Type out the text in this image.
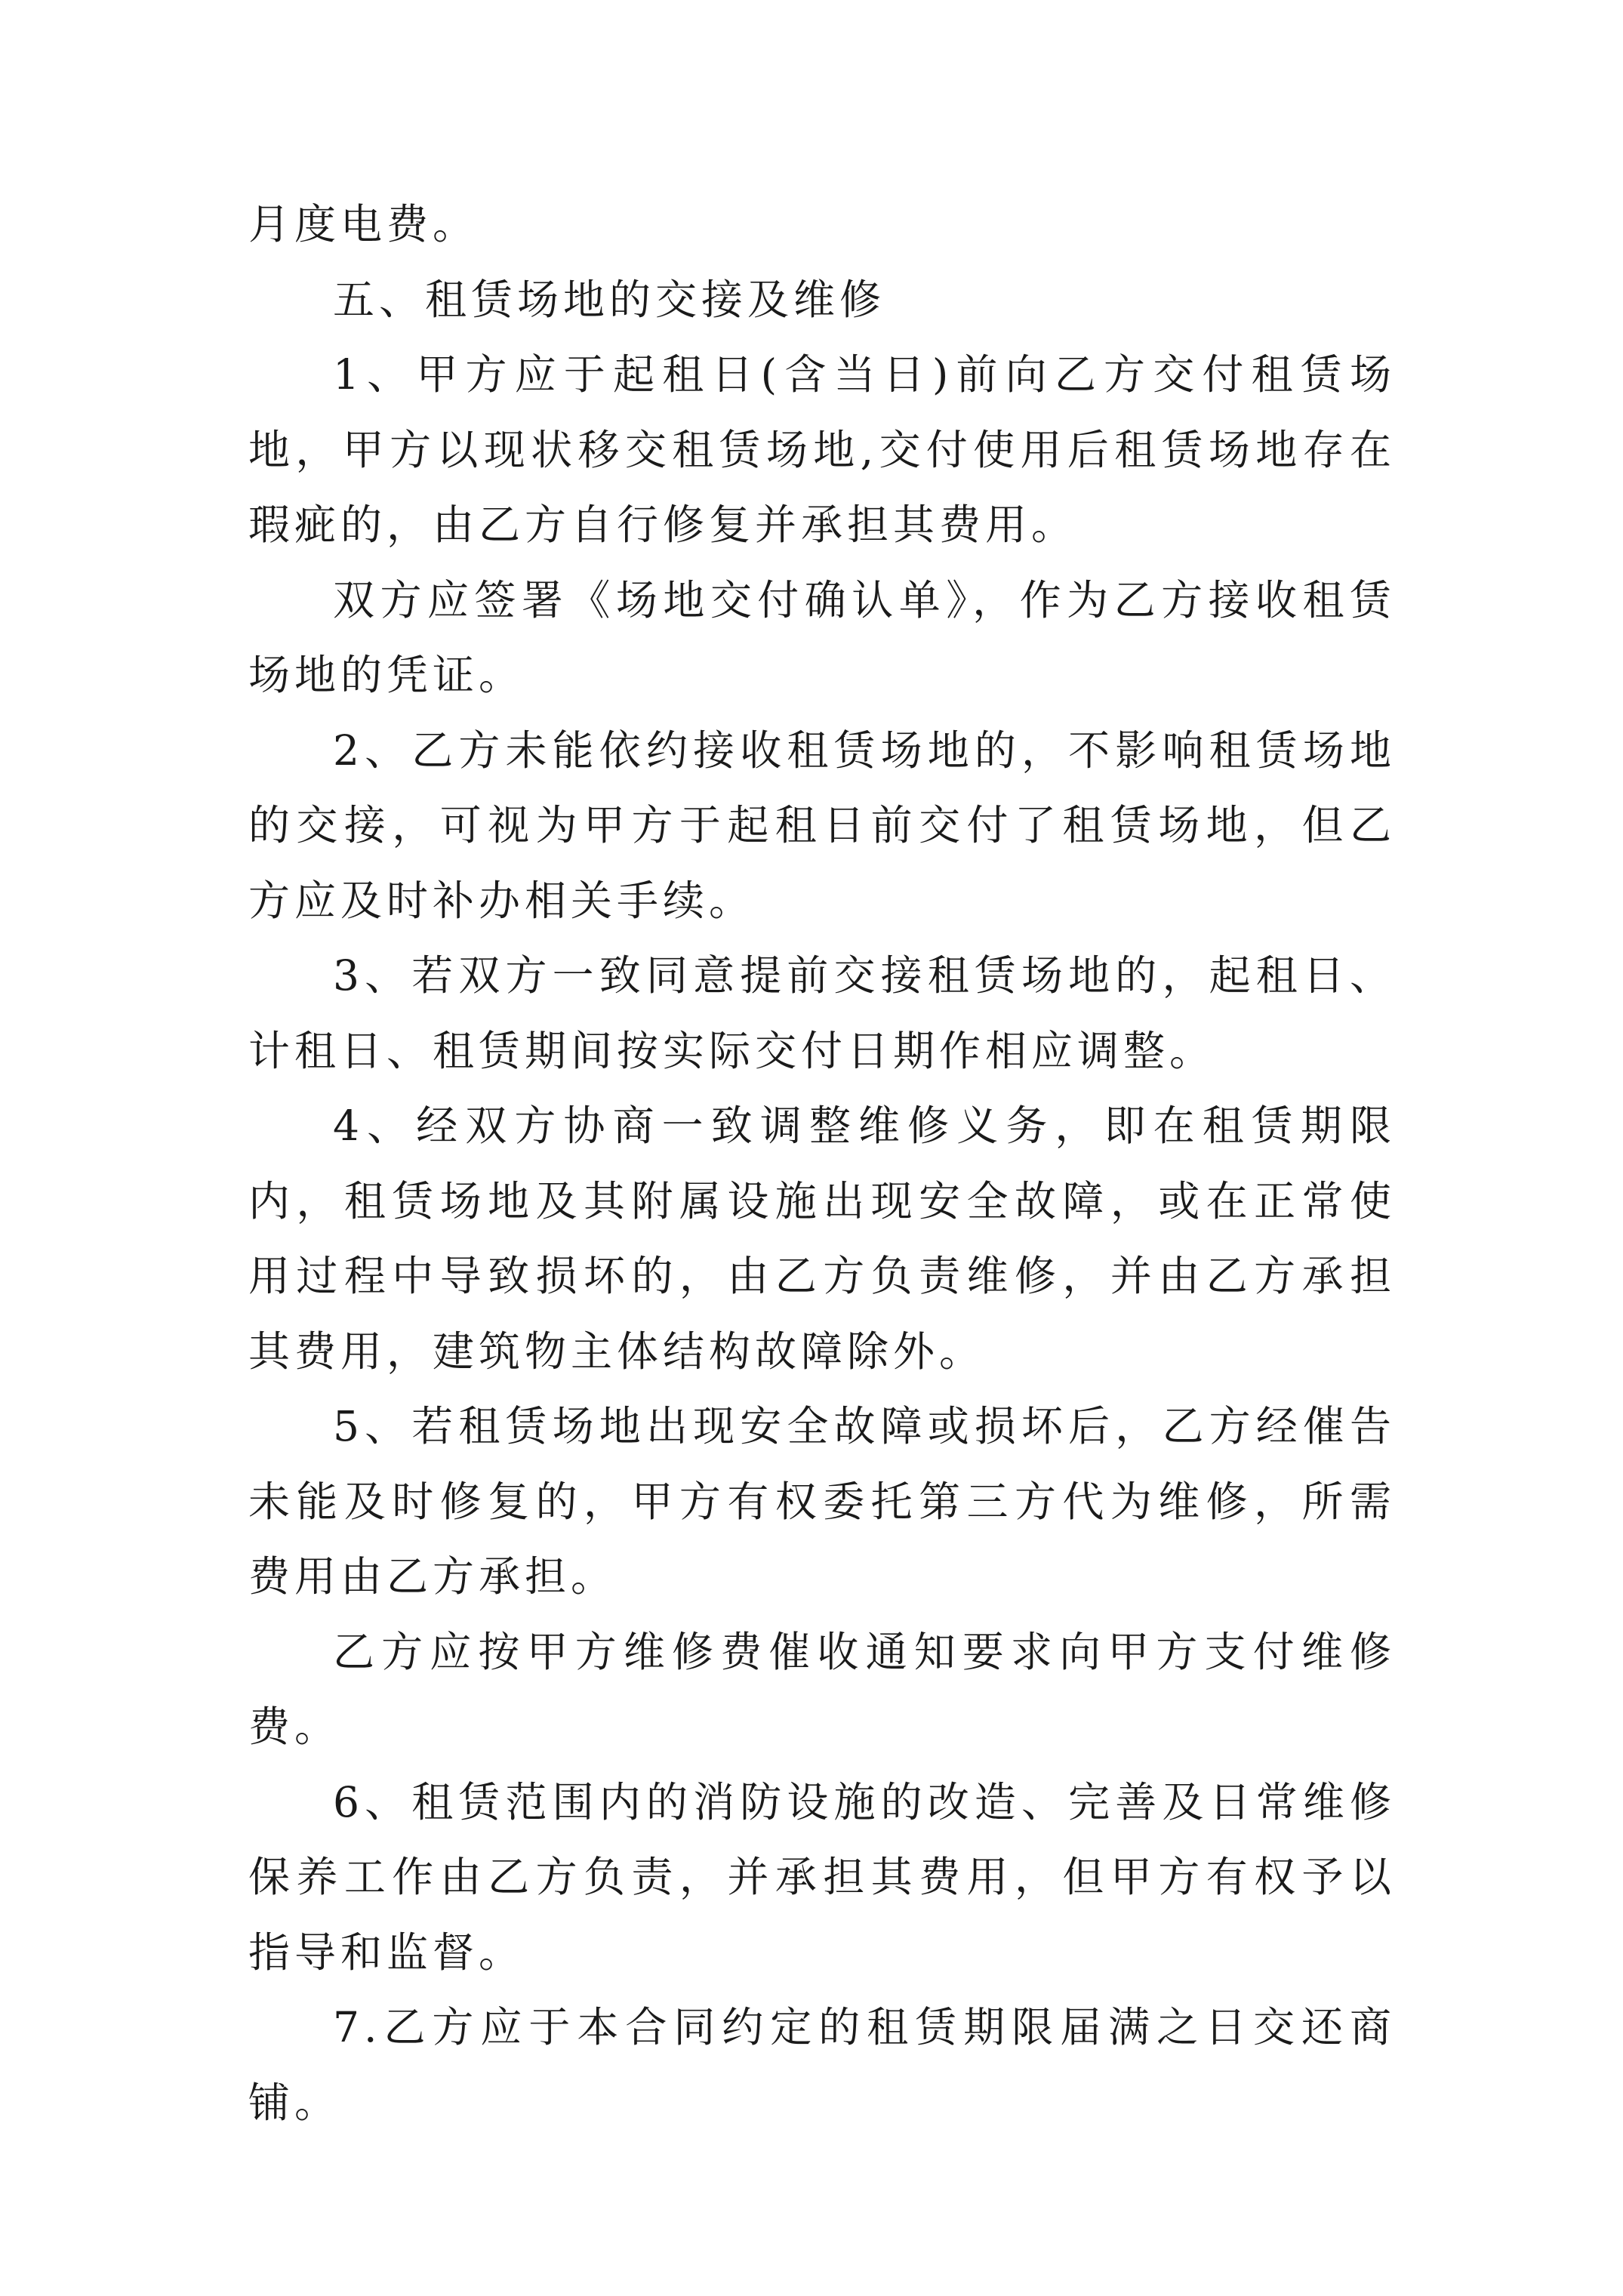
月度电费。

五、租赁场地的交接及维修

1、甲方应于起租日(含当日)前向乙方交付租赁场地，甲方以现状移交租赁场地,交付使用后租赁场地存在瑕疵的，由乙方自行修复并承担其费用。

双方应签署《场地交付确认单》，作为乙方接收租赁场地的凭证。

2、乙方未能依约接收租赁场地的，不影响租赁场地的交接，可视为甲方于起租日前交付了租赁场地，但乙方应及时补办相关手续。

3、若双方一致同意提前交接租赁场地的，起租日、计租日、租赁期间按实际交付日期作相应调整。

4、经双方协商一致调整维修义务，即在租赁期限内，租赁场地及其附属设施出现安全故障，或在正常使用过程中导致损坏的，由乙方负责维修，并由乙方承担其费用，建筑物主体结构故障除外。

5、若租赁场地出现安全故障或损坏后，乙方经催告未能及时修复的，甲方有权委托第三方代为维修，所需费用由乙方承担。

乙方应按甲方维修费催收通知要求向甲方支付维修费。

6、租赁范围内的消防设施的改造、完善及日常维修保养工作由乙方负责，并承担其费用，但甲方有权予以指导和监督。

7.乙方应于本合同约定的租赁期限届满之日交还商铺。
